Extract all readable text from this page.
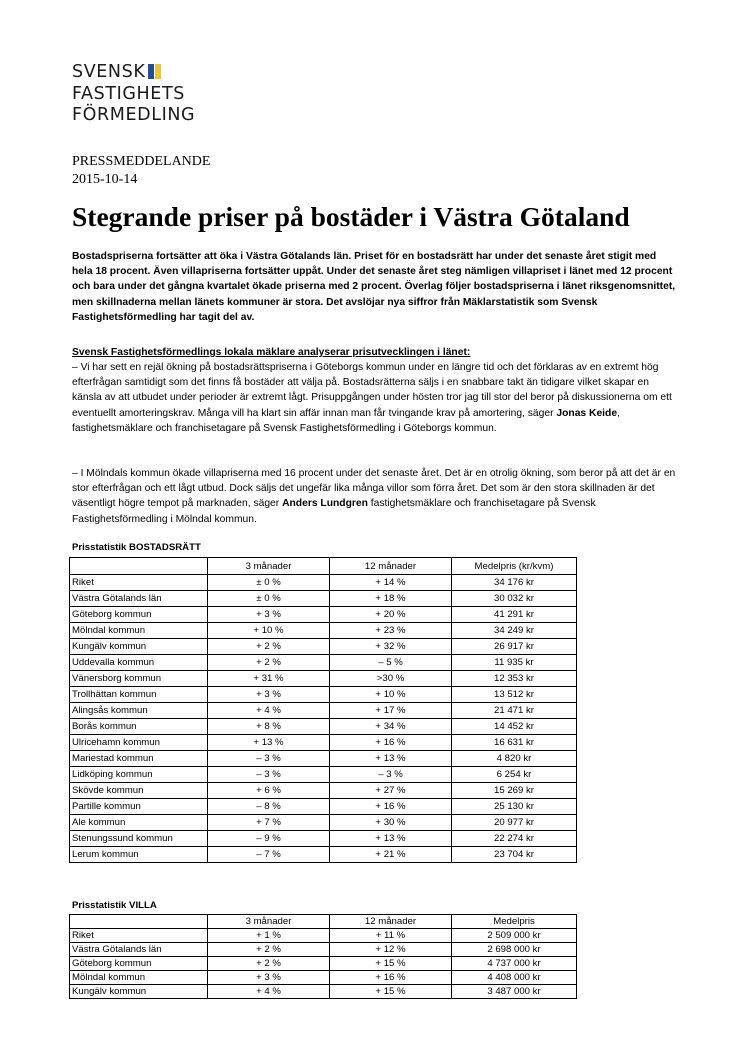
SVENSK
FASTIGHETS
FÖRMEDLING
PRESSMEDDELANDE
2015-10-14
Stegrande priser på bostäder i Västra Götaland

Bostadspriserna fortsätter att öka i Västra Götalands län. Priset för en bostadsrätt har under det senaste året stigit med hela 18 procent. Även villapriserna fortsätter uppåt. Under det senaste året steg nämligen villapriset i länet med 12 procent och bara under det gångna kvartalet ökade priserna med 2 procent. Överlag följer bostadspriserna i länet riksgenomsnittet, men skillnaderna mellan länets kommuner är stora. Det avslöjar nya siffror från Mäklarstatistik som Svensk Fastighetsförmedling har tagit del av.

Svensk Fastighetsförmedlings lokala mäklare analyserar prisutvecklingen i länet:

– Vi har sett en rejäl ökning på bostadsrättspriserna i Göteborgs kommun under en längre tid och det förklaras av en extremt hög efterfrågan samtidigt som det finns få bostäder att välja på. Bostadsrätterna säljs i en snabbare takt än tidigare vilket skapar en känsla av att utbudet under perioder är extremt lågt. Prisuppgången under hösten tror jag till stor del beror på diskussionerna om ett eventuellt amorteringskrav. Många vill ha klart sin affär innan man får tvingande krav på amortering, säger Jonas Keide, fastighetsmäklare och franchisetagare på Svensk Fastighetsförmedling i Göteborgs kommun.

– I Mölndals kommun ökade villapriserna med 16 procent under det senaste året. Det är en otrolig ökning, som beror på att det är en stor efterfrågan och ett lågt utbud. Dock säljs det ungefär lika många villor som förra året. Det som är den stora skillnaden är det väsentligt högre tempot på marknaden, säger Anders Lundgren fastighetsmäklare och franchisetagare på Svensk Fastighetsförmedling i Mölndal kommun.

Prisstatistik BOSTADSRÄTT
	3 månader	12 månader	Medelpris (kr/kvm)
Riket	± 0 %	+ 14 %	34 176 kr
Västra Götalands län	± 0 %	+ 18 %	30 032 kr
Göteborg kommun	+ 3 %	+ 20 %	41 291 kr
Mölndal kommun	+ 10 %	+ 23 %	34 249 kr
Kungälv kommun	+ 2 %	+ 32 %	26 917 kr
Uddevalla kommun	+ 2 %	– 5 %	11 935 kr
Vänersborg kommun	+ 31 %	>30 %	12 353 kr
Trollhättan kommun	+ 3 %	+ 10 %	13 512 kr
Alingsås kommun	+ 4 %	+ 17 %	21 471 kr
Borås kommun	+ 8 %	+ 34 %	14 452 kr
Ulricehamn kommun	+ 13 %	+ 16 %	16 631 kr
Mariestad kommun	– 3 %	+ 13 %	4 820 kr
Lidköping kommun	– 3 %	– 3 %	6 254 kr
Skövde kommun	+ 6 %	+ 27 %	15 269 kr
Partille kommun	– 8 %	+ 16 %	25 130 kr
Ale kommun	+ 7 %	+ 30 %	20 977 kr
Stenungssund kommun	– 9 %	+ 13 %	22 274 kr
Lerum kommun	– 7 %	+ 21 %	23 704 kr
Prisstatistik VILLA
	3 månader	12 månader	Medelpris
Riket	+ 1 %	+ 11 %	2 509 000 kr
Västra Götalands län	+ 2 %	+ 12 %	2 698 000 kr
Göteborg kommun	+ 2 %	+ 15 %	4 737 000 kr
Mölndal kommun	+ 3 %	+ 16 %	4 408 000 kr
Kungälv kommun	+ 4 %	+ 15 %	3 487 000 kr
